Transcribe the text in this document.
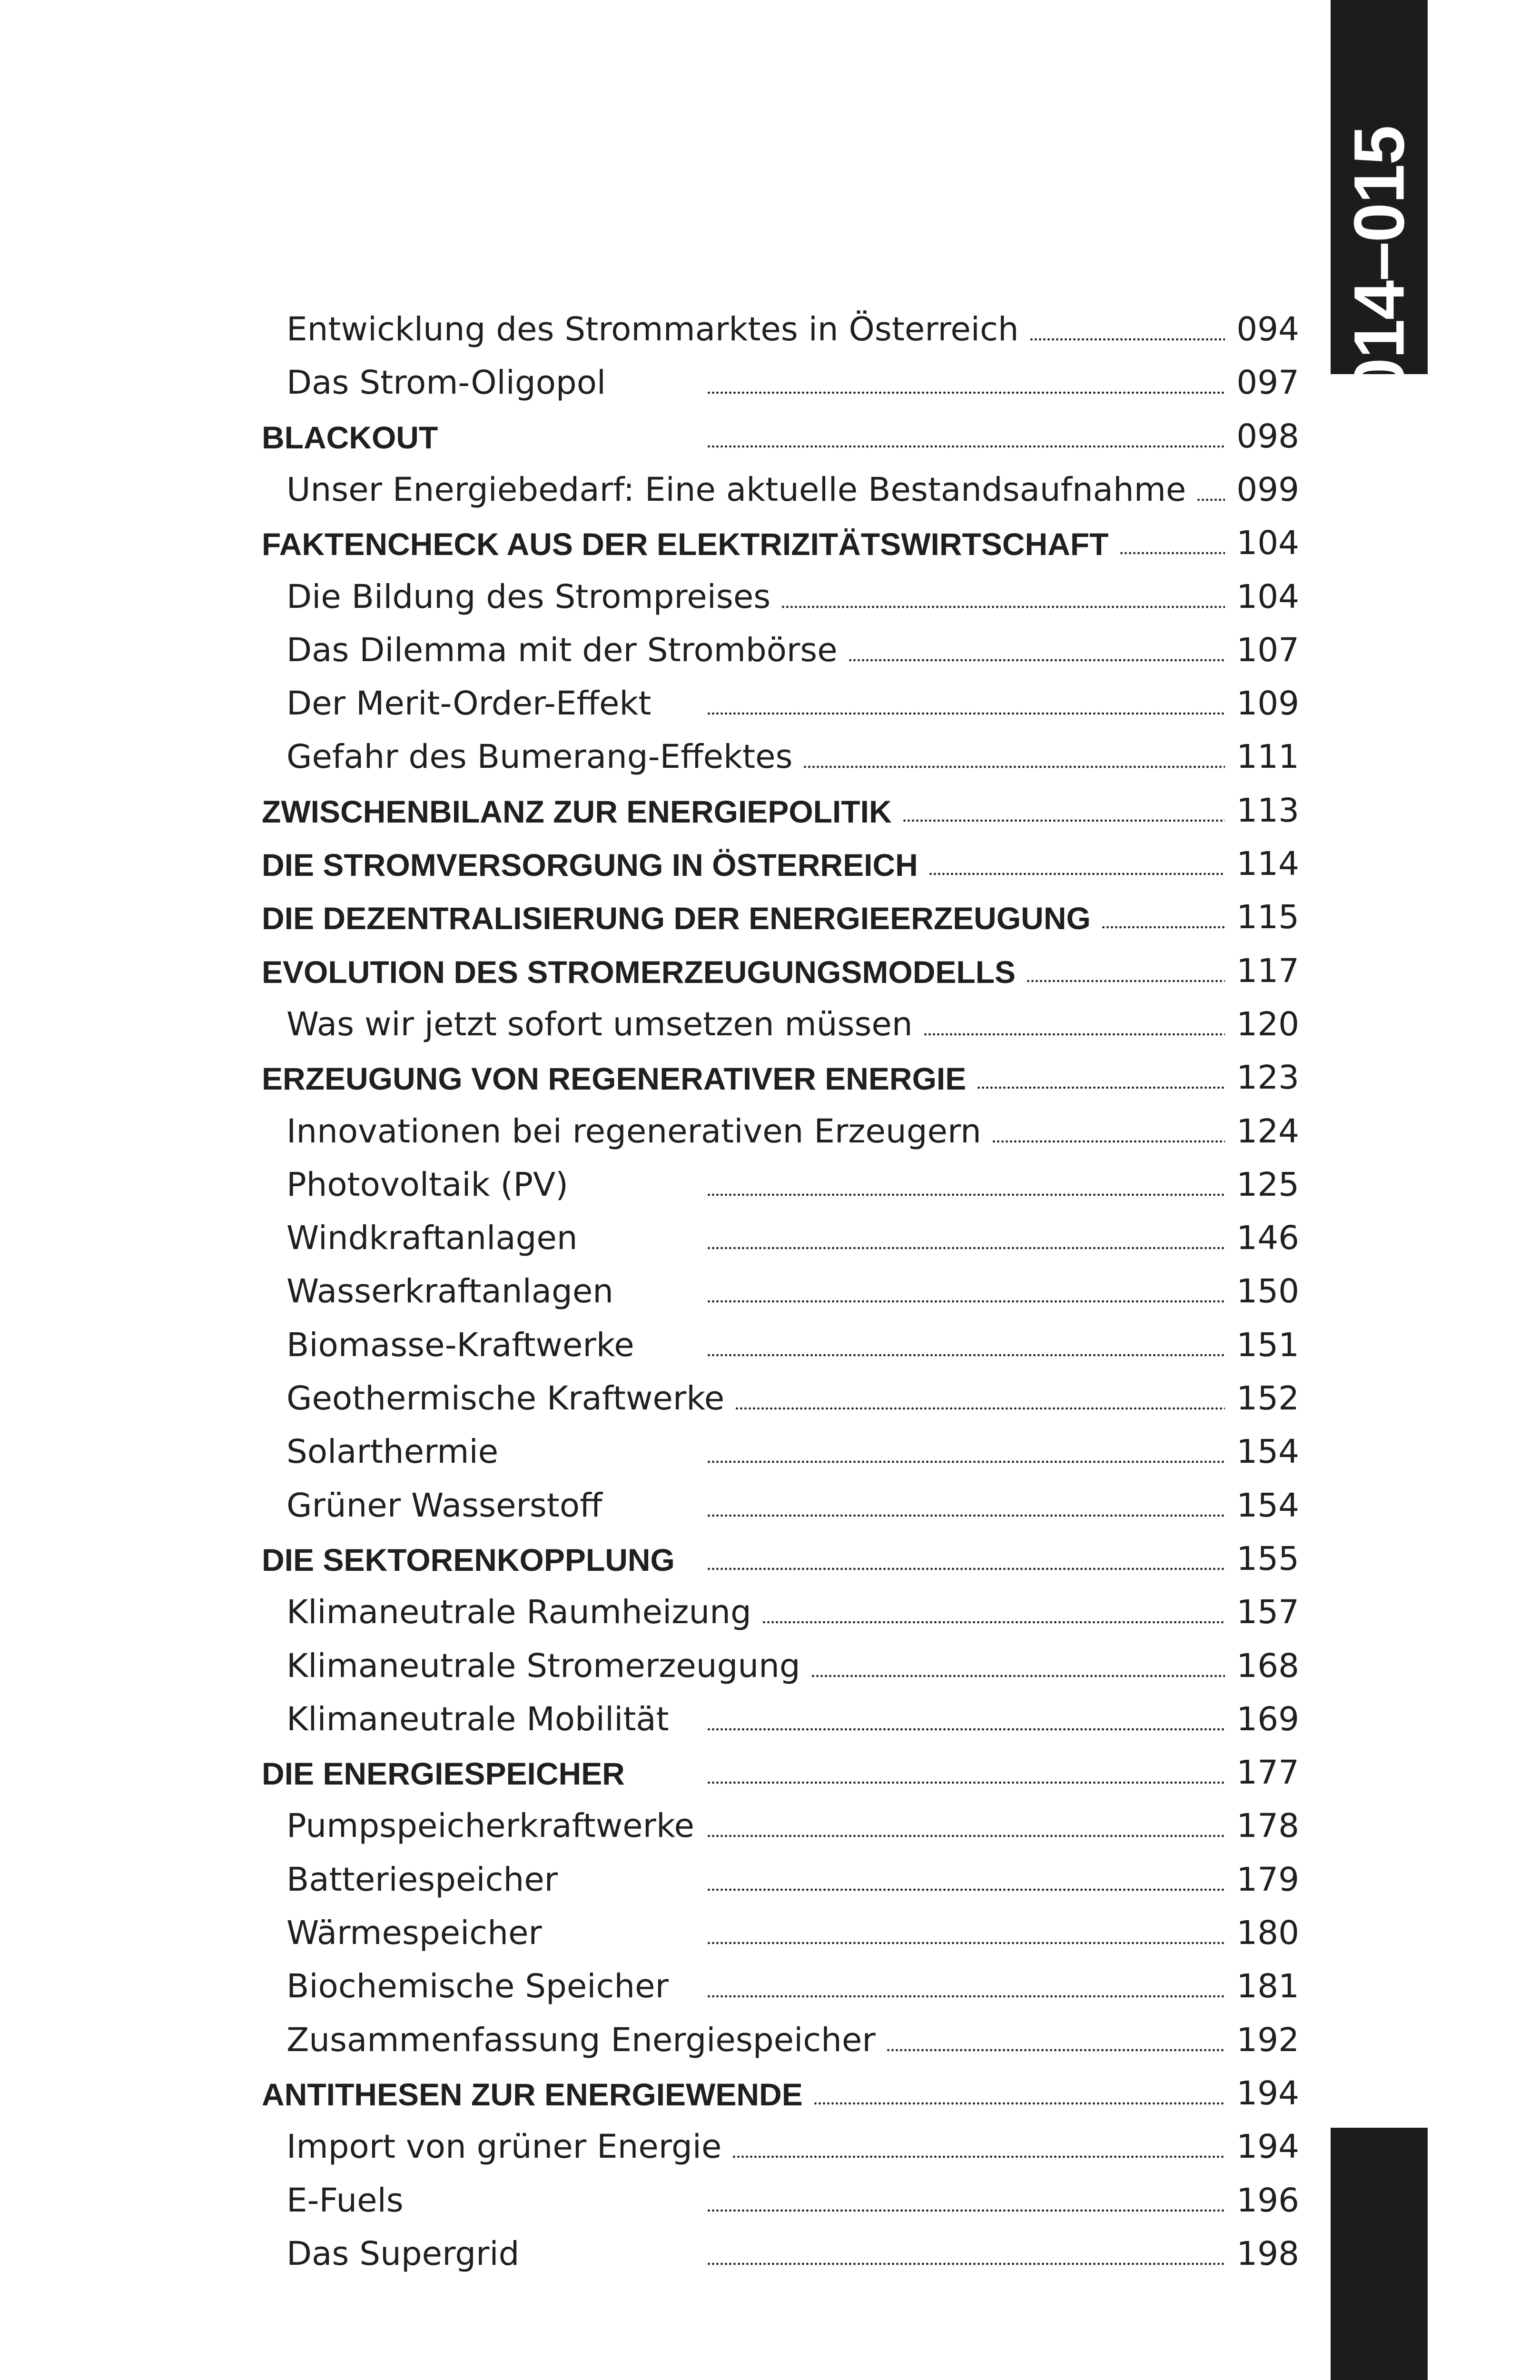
014–015
Entwicklung des Strommarktes in Österreich	094
Das Strom-Oligopol	097
BLACKOUT	098
Unser Energiebedarf: Eine aktuelle Bestandsaufnahme 099
FAKTENCHECK AUS DER ELEKTRIZITÄTSWIRTSCHAFT	104
Die Bildung des Strompreises	104
Das Dilemma mit der Strombörse	107
Der Merit-Order-Effekt	109
Gefahr des Bumerang-Effektes	111
ZWISCHENBILANZ ZUR ENERGIEPOLITIK	113
DIE STROMVERSORGUNG IN ÖSTERREICH	114
DIE DEZENTRALISIERUNG DER ENERGIEERZEUGUNG	115
EVOLUTION DES STROMERZEUGUNGSMODELLS	117
Was wir jetzt sofort umsetzen müssen	120
ERZEUGUNG VON REGENERATIVER ENERGIE	123
Innovationen bei regenerativen Erzeugern	124
Photovoltaik (PV)	125
Windkraftanlagen	146
Wasserkraftanlagen	150
Biomasse-Kraftwerke	151
Geothermische Kraftwerke	152
Solarthermie	154
Grüner Wasserstoff	154
DIE SEKTORENKOPPLUNG	155
Klimaneutrale Raumheizung	157
Klimaneutrale Stromerzeugung	168
Klimaneutrale Mobilität	169
DIE ENERGIESPEICHER	177
Pumpspeicherkraftwerke	178
Batteriespeicher	179
Wärmespeicher	180
Biochemische Speicher	181
Zusammenfassung Energiespeicher	192
ANTITHESEN ZUR ENERGIEWENDE	194
Import von grüner Energie	194
E-Fuels	196
Das Supergrid	198
